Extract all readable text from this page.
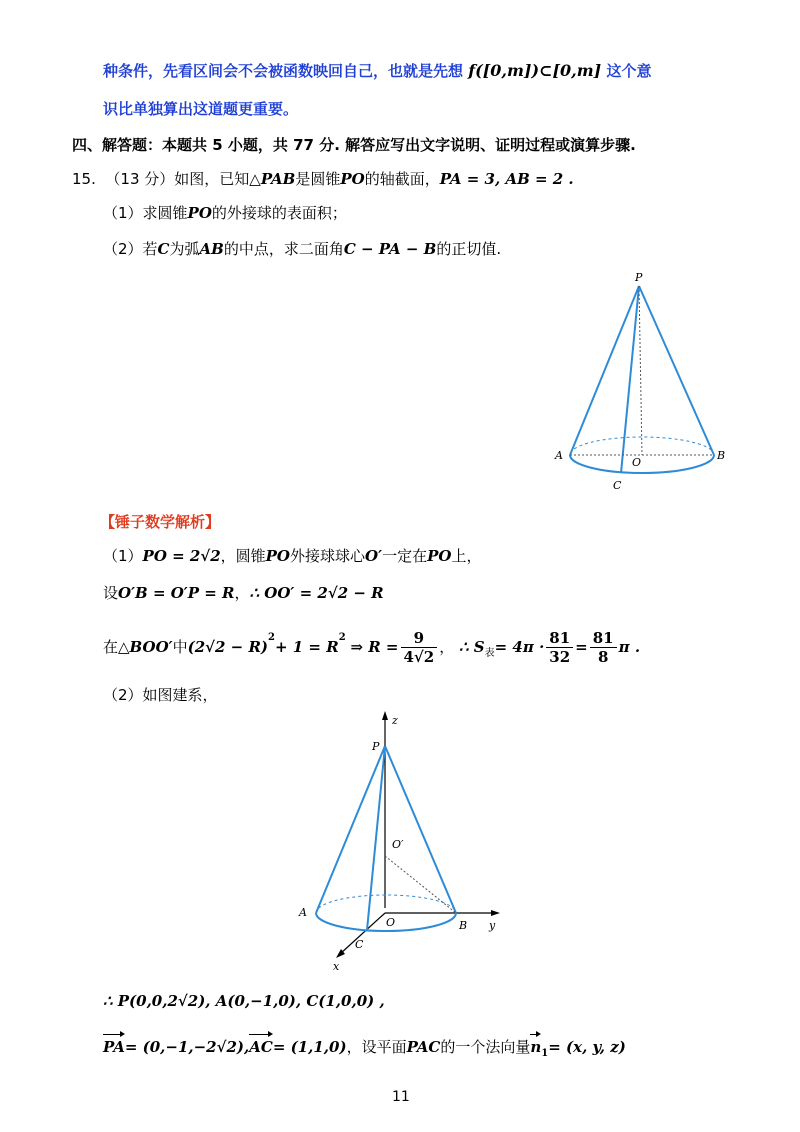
种条件，先看区间会不会被函数映回自己，也就是先想 f([0,m])⊂[0,m] 这个意
识比单独算出这道题更重要。
四、解答题：本题共 5 小题，共 77 分. 解答应写出文字说明、证明过程或演算步骤.
15. （13 分）如图，已知△PAB是圆锥PO的轴截面，PA = 3, AB = 2 .
（1）求圆锥PO的外接球的表面积；
（2）若C为弧AB的中点，求二面角C − PA − B的正切值.
P
A	B
O
C
【锤子数学解析】
（1）PO = 2√2，圆锥PO外接球球心O′一定在PO上，
设O′B = O′P = R，∴ OO′ = 2√2 − R
在△BOO′中$(2√2 - R)^2+ 1 = R^2$ ⇒ $R = \frac{9}{4√2}$ ， ∴ $S_表= 4\pi \cdot \frac{81}{32} = \frac{81}{8}$ π .
（2）如图建系，
z
P
O′
A
O	B y
C
x
∴ P(0,0,2√2), A(0,−1,0), C(1,0,0) ,
PA= (0,−1,−2√2),AC= (1,1,0)，设平面PAC的一个法向量$n_1= (x$, y, z)
11
